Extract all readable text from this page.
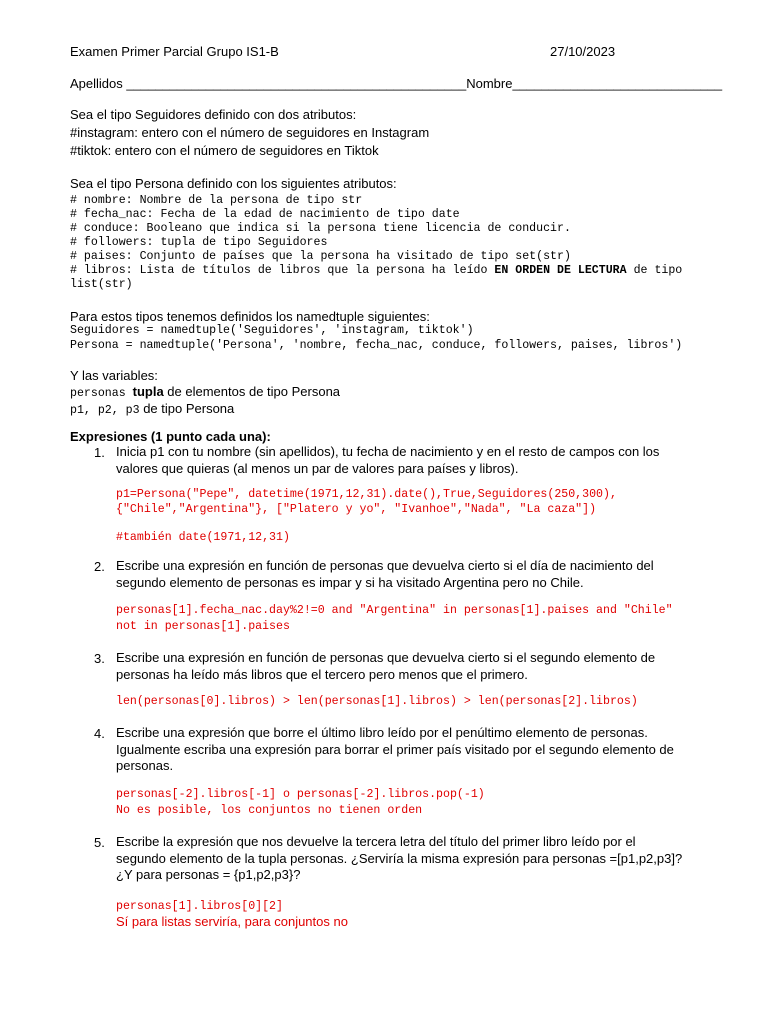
Examen Primer Parcial Grupo IS1-B	27/10/2023
Apellidos _______________________________________________Nombre_____________________________
Sea el tipo Seguidores definido con dos atributos:
#instagram: entero con el número de seguidores en Instagram
#tiktok: entero con el número de seguidores en Tiktok
Sea el tipo Persona definido con los siguientes atributos:
# nombre: Nombre de la persona de tipo str
# fecha_nac: Fecha de la edad de nacimiento de tipo date
# conduce: Booleano que indica si la persona tiene licencia de conducir.
# followers: tupla de tipo Seguidores
# paises: Conjunto de países que la persona ha visitado de tipo set(str)
# libros: Lista de títulos de libros que la persona ha leído EN ORDEN DE LECTURA de tipo
list(str)
Para estos tipos tenemos definidos los namedtuple siguientes:
Seguidores = namedtuple('Seguidores', 'instagram, tiktok')
Persona = namedtuple('Persona', 'nombre, fecha_nac, conduce, followers, paises, libros')
Y las variables:
personas tupla de elementos de tipo Persona
p1, p2, p3 de tipo Persona
Expresiones (1 punto cada una):
1. Inicia p1 con tu nombre (sin apellidos), tu fecha de nacimiento y en el resto de campos con los valores que quieras (al menos un par de valores para países y libros).
p1=Persona("Pepe", datetime(1971,12,31).date(),True,Seguidores(250,300),
{"Chile","Argentina"}, ["Platero y yo", "Ivanhoe","Nada", "La caza"])
#también date(1971,12,31)
2. Escribe una expresión en función de personas que devuelva cierto si el día de nacimiento del segundo elemento de personas es impar y si ha visitado Argentina pero no Chile.
personas[1].fecha_nac.day%2!=0 and "Argentina" in personas[1].paises and "Chile"
not in personas[1].paises
3. Escribe una expresión en función de personas que devuelva cierto si el segundo elemento de personas ha leído más libros que el tercero pero menos que el primero.
len(personas[0].libros) > len(personas[1].libros) > len(personas[2].libros)
4. Escribe una expresión que borre el último libro leído por el penúltimo elemento de personas. Igualmente escriba una expresión para borrar el primer país visitado por el segundo elemento de personas.
personas[-2].libros[-1] o personas[-2].libros.pop(-1)
No es posible, los conjuntos no tienen orden
5. Escribe la expresión que nos devuelve la tercera letra del título del primer libro leído por el segundo elemento de la tupla personas. ¿Serviría la misma expresión para personas =[p1,p2,p3]? ¿Y para personas = {p1,p2,p3}?
personas[1].libros[0][2]
Sí para listas serviría, para conjuntos no
